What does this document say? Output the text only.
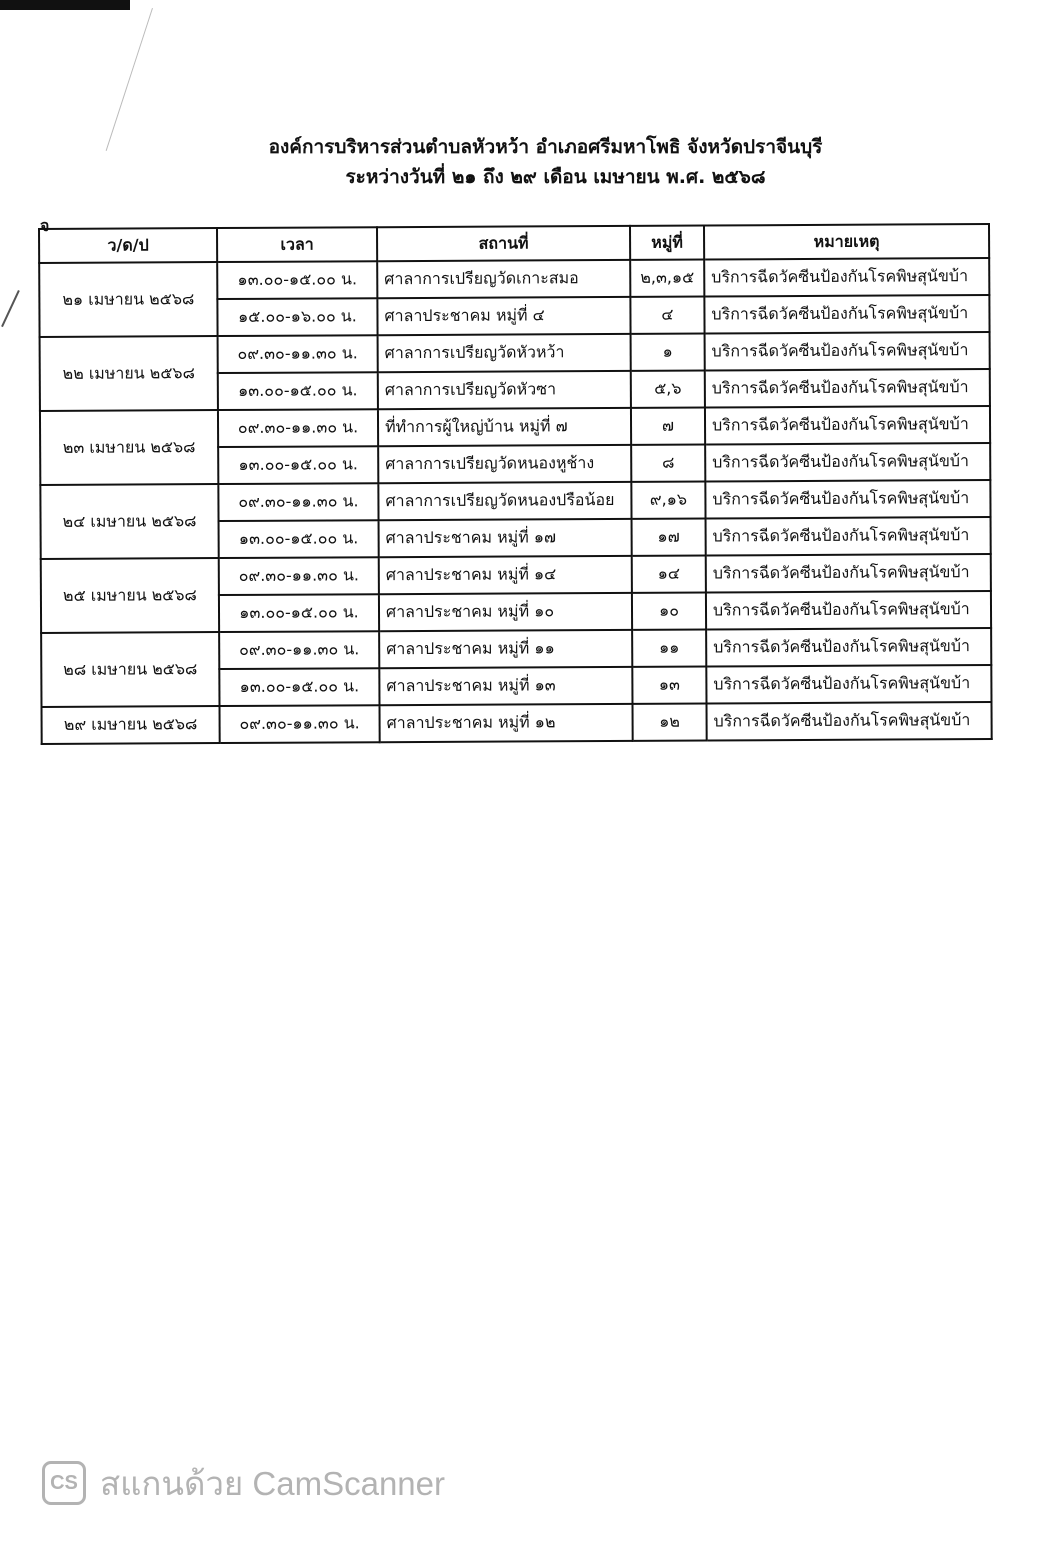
องค์การบริหารส่วนตำบลหัวหว้า อำเภอศรีมหาโพธิ จังหวัดปราจีนบุรี
ระหว่างวันที่ ๒๑ ถึง ๒๙ เดือน เมษายน พ.ศ. ๒๕๖๘
จ
ว/ด/ป	เวลา	สถานที่	หมู่ที่	หมายเหตุ
๒๑ เมษายน ๒๕๖๘	๑๓.๐๐-๑๕.๐๐ น.	ศาลาการเปรียญวัดเกาะสมอ	๒,๓,๑๕	บริการฉีดวัคซีนป้องกันโรคพิษสุนัขบ้า
	๑๕.๐๐-๑๖.๐๐ น.	ศาลาประชาคม หมู่ที่ ๔	๔	บริการฉีดวัคซีนป้องกันโรคพิษสุนัขบ้า
๒๒ เมษายน ๒๕๖๘	๐๙.๓๐-๑๑.๓๐ น.	ศาลาการเปรียญวัดหัวหว้า	๑	บริการฉีดวัคซีนป้องกันโรคพิษสุนัขบ้า
	๑๓.๐๐-๑๕.๐๐ น.	ศาลาการเปรียญวัดหัวซา	๕,๖	บริการฉีดวัคซีนป้องกันโรคพิษสุนัขบ้า
๒๓ เมษายน ๒๕๖๘	๐๙.๓๐-๑๑.๓๐ น.	ที่ทำการผู้ใหญ่บ้าน หมู่ที่ ๗	๗	บริการฉีดวัคซีนป้องกันโรคพิษสุนัขบ้า
	๑๓.๐๐-๑๕.๐๐ น.	ศาลาการเปรียญวัดหนองหูช้าง	๘	บริการฉีดวัคซีนป้องกันโรคพิษสุนัขบ้า
๒๔ เมษายน ๒๕๖๘	๐๙.๓๐-๑๑.๓๐ น.	ศาลาการเปรียญวัดหนองปรือน้อย	๙,๑๖	บริการฉีดวัคซีนป้องกันโรคพิษสุนัขบ้า
	๑๓.๐๐-๑๕.๐๐ น.	ศาลาประชาคม หมู่ที่ ๑๗	๑๗	บริการฉีดวัคซีนป้องกันโรคพิษสุนัขบ้า
๒๕ เมษายน ๒๕๖๘	๐๙.๓๐-๑๑.๓๐ น.	ศาลาประชาคม หมู่ที่ ๑๔	๑๔	บริการฉีดวัคซีนป้องกันโรคพิษสุนัขบ้า
	๑๓.๐๐-๑๕.๐๐ น.	ศาลาประชาคม หมู่ที่ ๑๐	๑๐	บริการฉีดวัคซีนป้องกันโรคพิษสุนัขบ้า
๒๘ เมษายน ๒๕๖๘	๐๙.๓๐-๑๑.๓๐ น.	ศาลาประชาคม หมู่ที่ ๑๑	๑๑	บริการฉีดวัคซีนป้องกันโรคพิษสุนัขบ้า
	๑๓.๐๐-๑๕.๐๐ น.	ศาลาประชาคม หมู่ที่ ๑๓	๑๓	บริการฉีดวัคซีนป้องกันโรคพิษสุนัขบ้า
๒๙ เมษายน ๒๕๖๘	๐๙.๓๐-๑๑.๓๐ น.	ศาลาประชาคม หมู่ที่ ๑๒	๑๒	บริการฉีดวัคซีนป้องกันโรคพิษสุนัขบ้า
CS สแกนด้วย CamScanner
